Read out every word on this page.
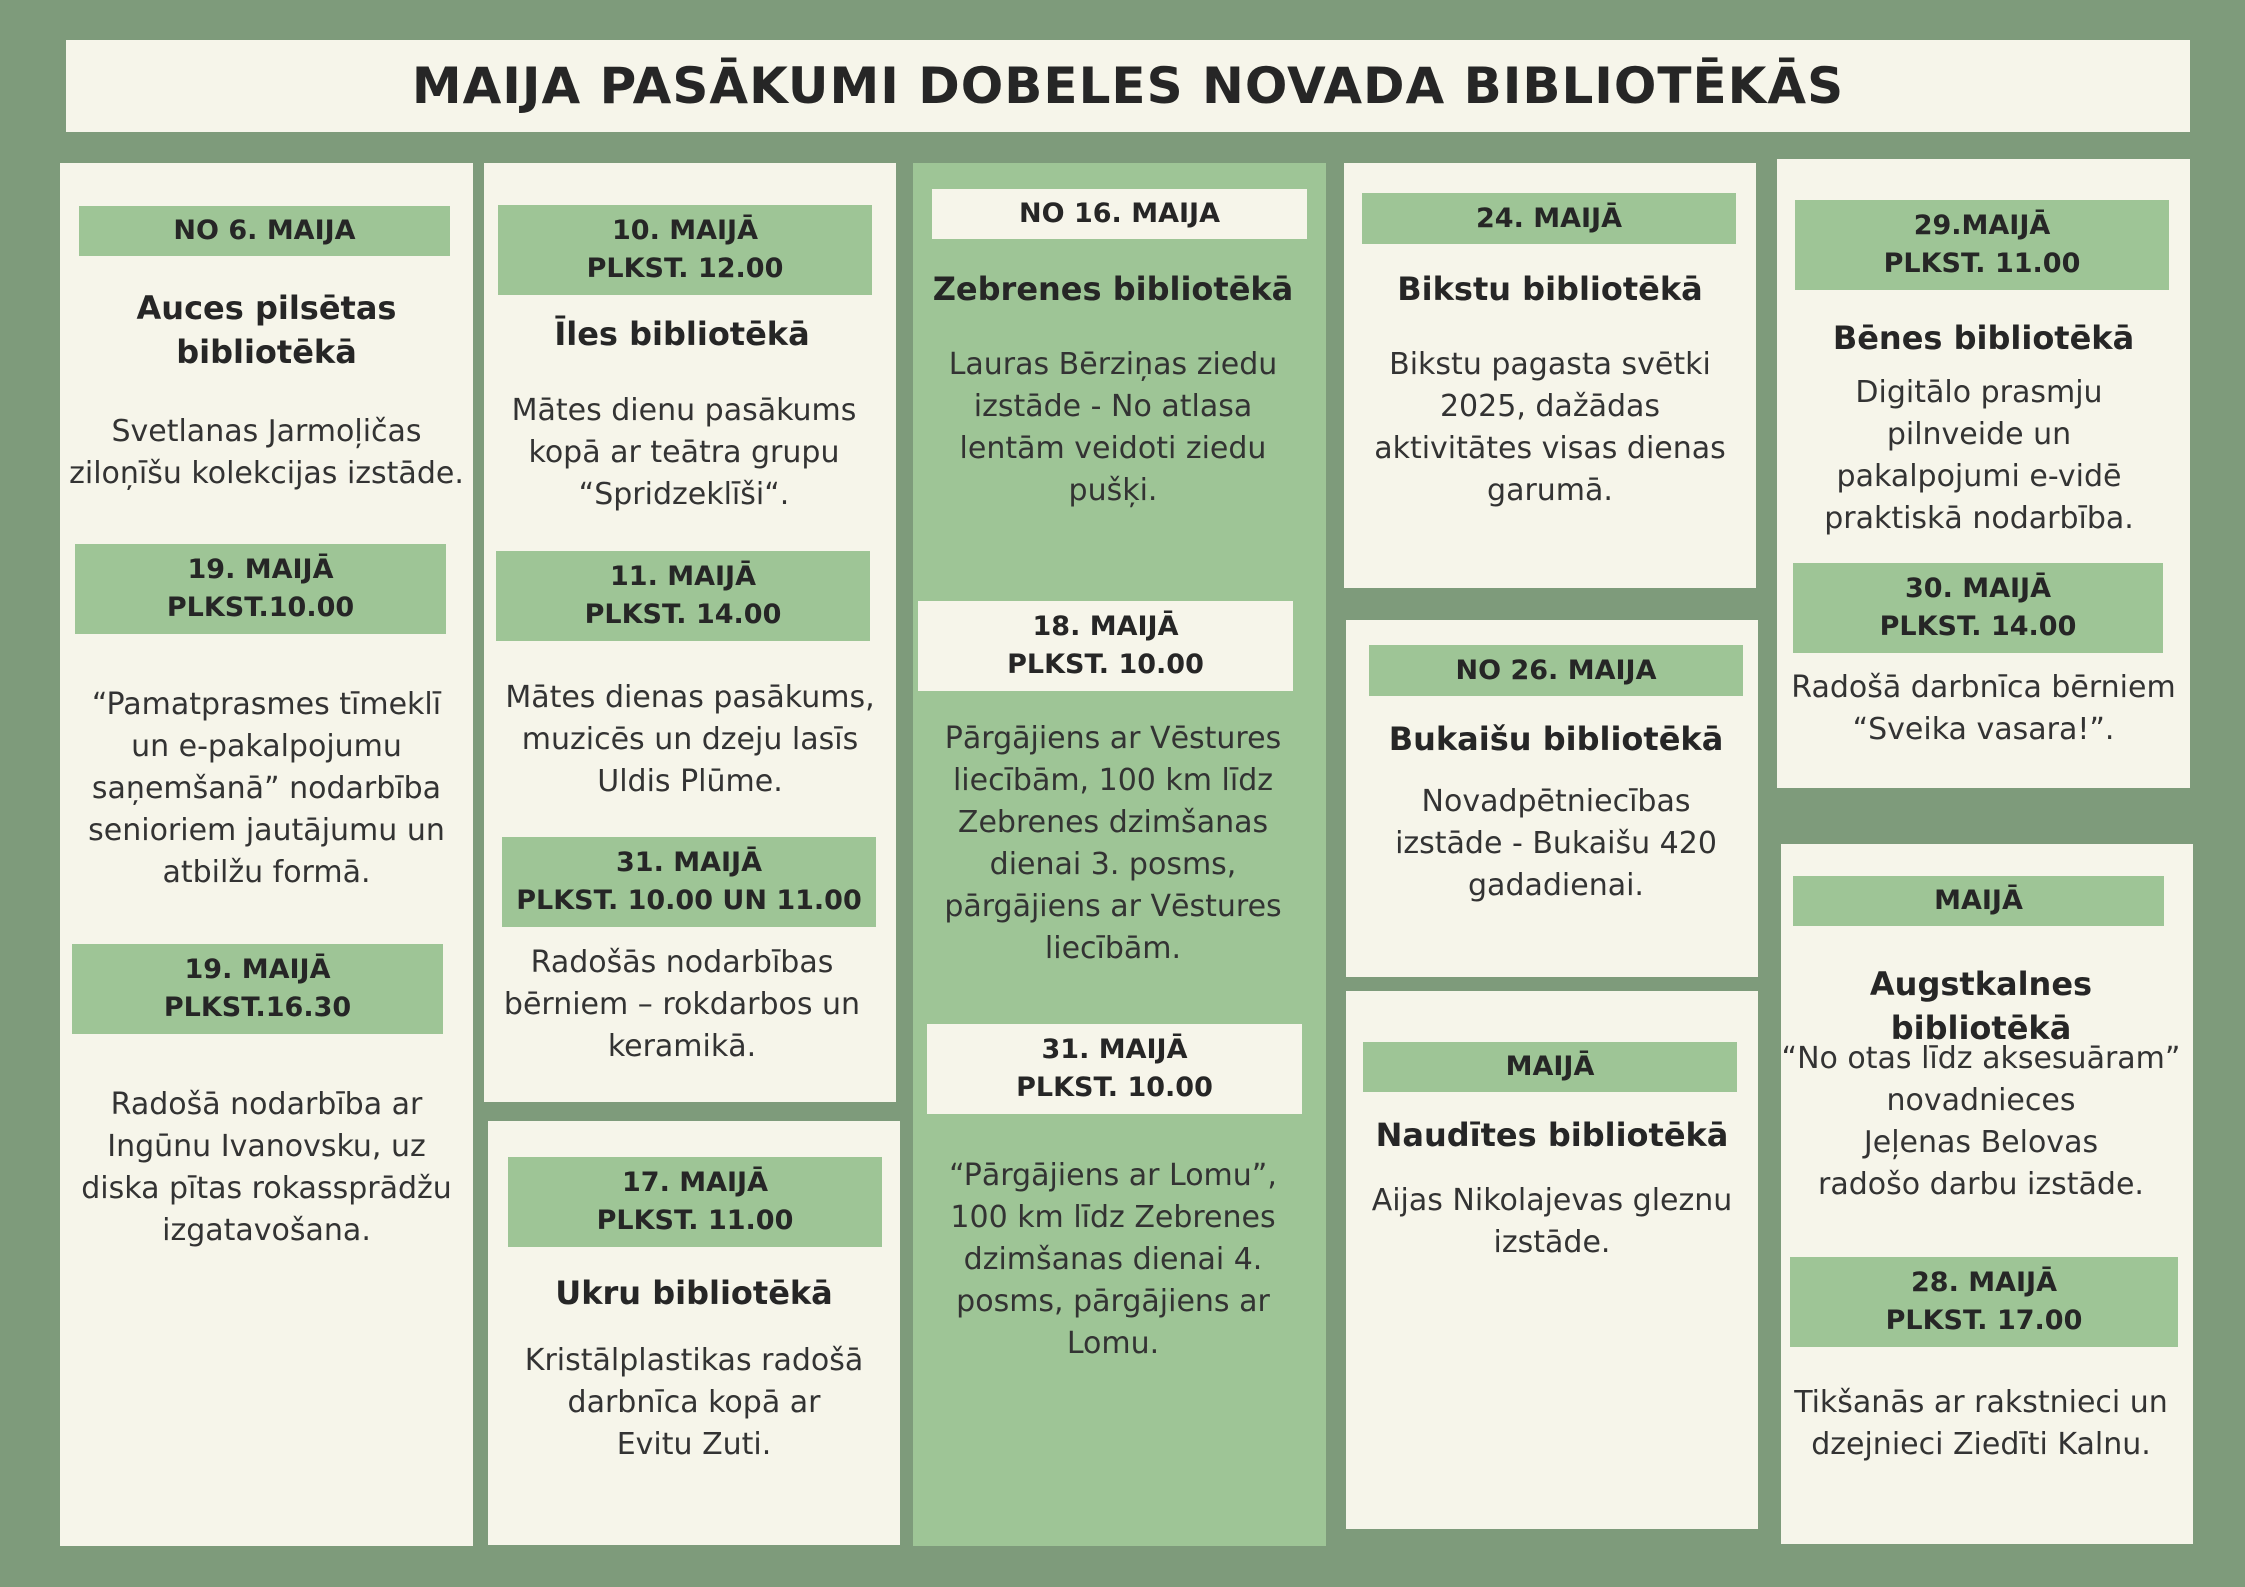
MAIJA PASĀKUMI DOBELES NOVADA BIBLIOTĒKĀS
NO 6. MAIJA
Auces pilsētas
bibliotēkā
Svetlanas Jarmoļičas
ziloņīšu kolekcijas izstāde.
19. MAIJĀ
PLKST.10.00
“Pamatprasmes tīmeklī
un e-pakalpojumu
saņemšanā” nodarbība
senioriem jautājumu un
atbilžu formā.
19. MAIJĀ
PLKST.16.30
Radošā nodarbība ar
Ingūnu Ivanovsku, uz
diska pītas rokassprādžu
izgatavošana.
10. MAIJĀ
PLKST. 12.00
Īles bibliotēkā
Mātes dienu pasākums
kopā ar teātra grupu
“Spridzeklīši“.
11. MAIJĀ
PLKST. 14.00
Mātes dienas pasākums,
muzicēs un dzeju lasīs
Uldis Plūme.
31. MAIJĀ
PLKST. 10.00 UN 11.00
Radošās nodarbības
bērniem – rokdarbos un
keramikā.
17. MAIJĀ
PLKST. 11.00
Ukru bibliotēkā
Kristālplastikas radošā
darbnīca kopā ar
Evitu Zuti.
NO 16. MAIJA
Zebrenes bibliotēkā
Lauras Bērziņas ziedu
izstāde - No atlasa
lentām veidoti ziedu
pušķi.
18. MAIJĀ
PLKST. 10.00
Pārgājiens ar Vēstures
liecībām, 100 km līdz
Zebrenes dzimšanas
dienai 3. posms,
pārgājiens ar Vēstures
liecībām.
31. MAIJĀ
PLKST. 10.00
“Pārgājiens ar Lomu”,
100 km līdz Zebrenes
dzimšanas dienai 4.
posms, pārgājiens ar
Lomu.
24. MAIJĀ
Bikstu bibliotēkā
Bikstu pagasta svētki
2025, dažādas
aktivitātes visas dienas
garumā.
NO 26. MAIJA
Bukaišu bibliotēkā
Novadpētniecības
izstāde - Bukaišu 420
gadadienai.
MAIJĀ
Naudītes bibliotēkā
Aijas Nikolajevas gleznu
izstāde.
29.MAIJĀ
PLKST. 11.00
Bēnes bibliotēkā
Digitālo prasmju
pilnveide un
pakalpojumi e-vidē
praktiskā nodarbība.
30. MAIJĀ
PLKST. 14.00
Radošā darbnīca bērniem
“Sveika vasara!”.
MAIJĀ
Augstkalnes bibliotēkā
“No otas līdz aksesuāram”
novadnieces
Jeļenas Belovas
radošo darbu izstāde.
28. MAIJĀ
PLKST. 17.00
Tikšanās ar rakstnieci un
dzejnieci Ziedīti Kalnu.
